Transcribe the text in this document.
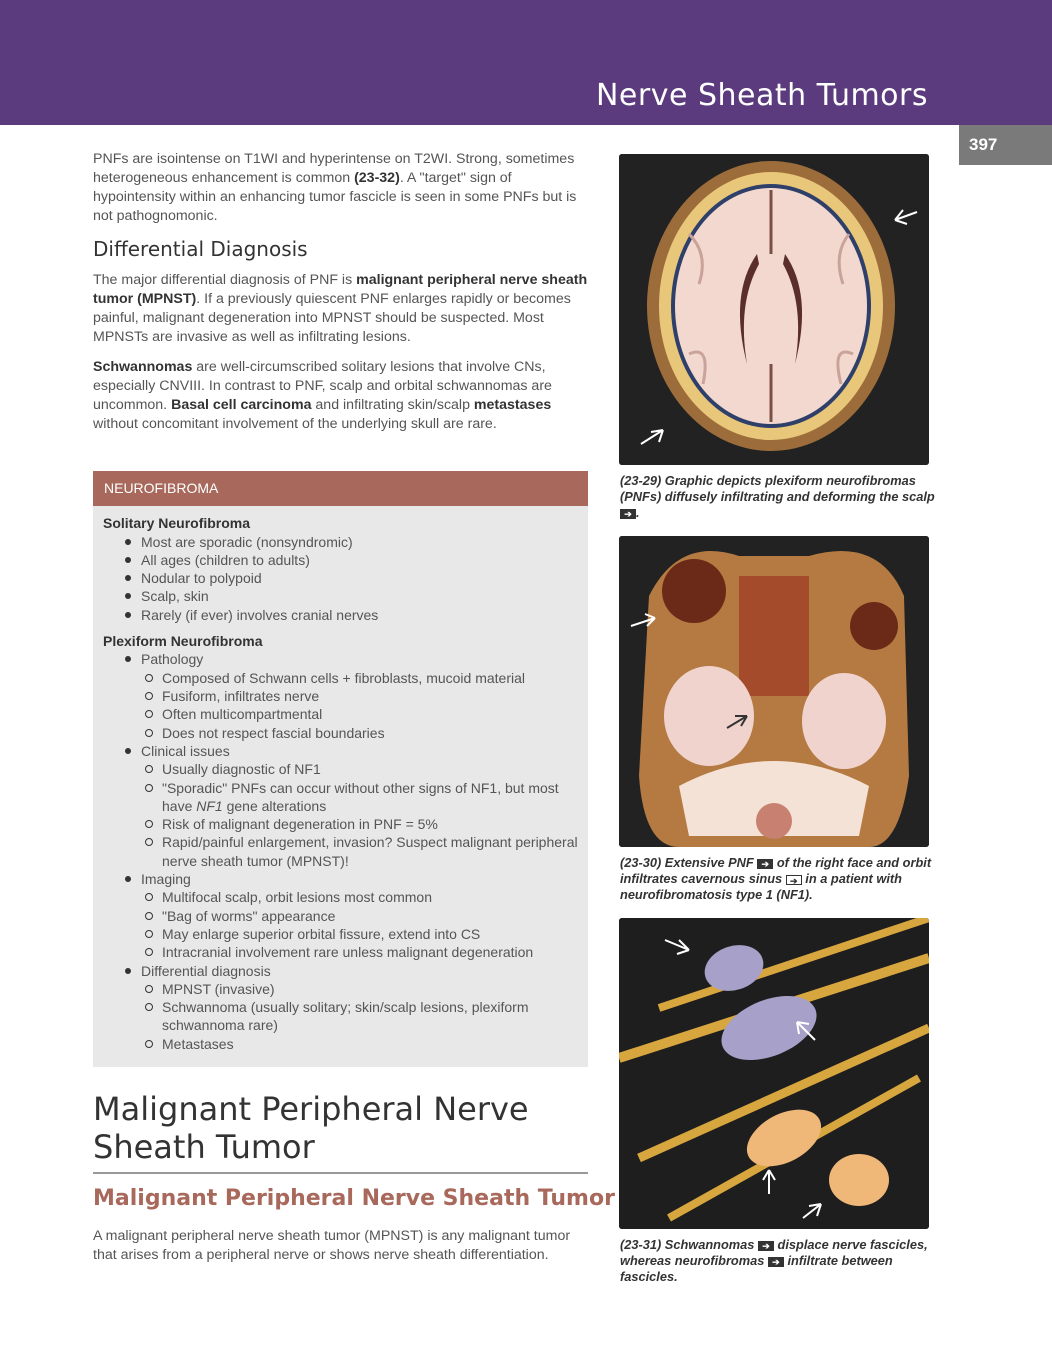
Nerve Sheath Tumors
397

PNFs are isointense on T1WI and hyperintense on T2WI. Strong, sometimes heterogeneous enhancement is common (23-32). A "target" sign of hypointensity within an enhancing tumor fascicle is seen in some PNFs but is not pathognomonic.

Differential Diagnosis

The major differential diagnosis of PNF is malignant peripheral nerve sheath tumor (MPNST). If a previously quiescent PNF enlarges rapidly or becomes painful, malignant degeneration into MPNST should be suspected. Most MPNSTs are invasive as well as infiltrating lesions.

Schwannomas are well-circumscribed solitary lesions that involve CNs, especially CNVIII. In contrast to PNF, scalp and orbital schwannomas are uncommon. Basal cell carcinoma and infiltrating skin/scalp metastases without concomitant involvement of the underlying skull are rare.

NEUROFIBROMA
Solitary Neurofibroma
Most are sporadic (nonsyndromic)
All ages (children to adults)
Nodular to polypoid
Scalp, skin
Rarely (if ever) involves cranial nerves
Plexiform Neurofibroma
Pathology
Composed of Schwann cells + fibroblasts, mucoid material
Fusiform, infiltrates nerve
Often multicompartmental
Does not respect fascial boundaries
Clinical issues
Usually diagnostic of NF1
"Sporadic" PNFs can occur without other signs of NF1, but most have NF1 gene alterations
Risk of malignant degeneration in PNF = 5%
Rapid/painful enlargement, invasion? Suspect malignant peripheral nerve sheath tumor (MPNST)!
Imaging
Multifocal scalp, orbit lesions most common
"Bag of worms" appearance
May enlarge superior orbital fissure, extend into CS
Intracranial involvement rare unless malignant degeneration
Differential diagnosis
MPNST (invasive)
Schwannoma (usually solitary; skin/scalp lesions, plexiform schwannoma rare)
Metastases
Malignant Peripheral Nerve Sheath Tumor
Malignant Peripheral Nerve Sheath Tumor

A malignant peripheral nerve sheath tumor (MPNST) is any malignant tumor that arises from a peripheral nerve or shows nerve sheath differentiation.

(23-29) Graphic depicts plexiform neurofibromas (PNFs) diffusely infiltrating and deforming the scalp ➔ .
(23-30) Extensive PNF ➔ of the right face and orbit infiltrates cavernous sinus ➔ in a patient with neurofibromatosis type 1 (NF1).
(23-31) Schwannomas ➔ displace nerve fascicles, whereas neurofibromas ➔ infiltrate between fascicles.
